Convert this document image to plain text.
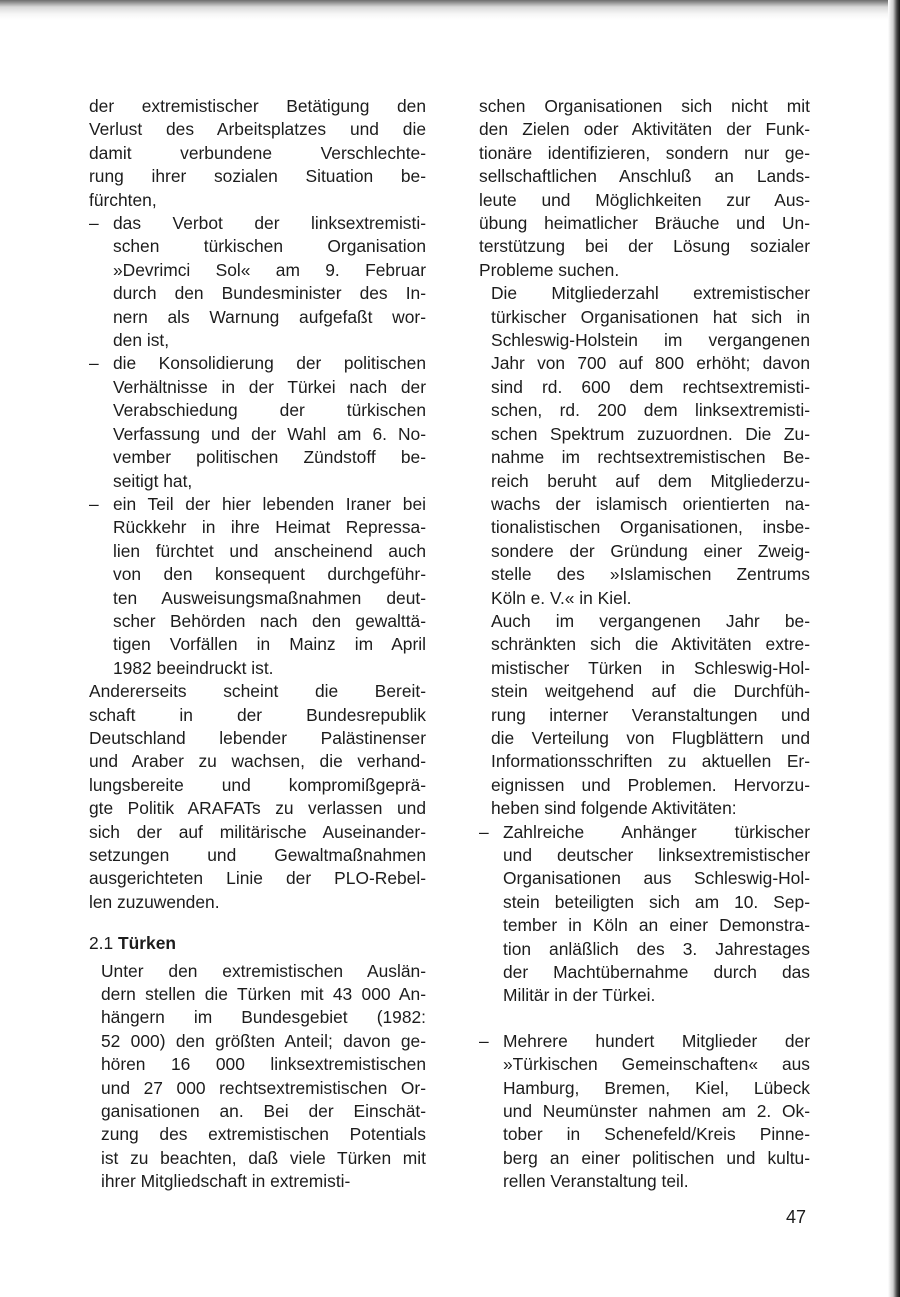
der extremistischer Betätigung den
Verlust des Arbeitsplatzes und die
damit verbundene Verschlechte-
rung ihrer sozialen Situation be-
fürchten,

– das Verbot der linksextremisti-
schen türkischen Organisation
»Devrimci Sol« am 9. Februar
durch den Bundesminister des In-
nern als Warnung aufgefaßt wor-
den ist,

– die Konsolidierung der politischen
Verhältnisse in der Türkei nach der
Verabschiedung der türkischen
Verfassung und der Wahl am 6. No-
vember politischen Zündstoff be-
seitigt hat,

– ein Teil der hier lebenden Iraner bei
Rückkehr in ihre Heimat Repressa-
lien fürchtet und anscheinend auch
von den konsequent durchgeführ-
ten Ausweisungsmaßnahmen deut-
scher Behörden nach den gewalttä-
tigen Vorfällen in Mainz im April
1982 beeindruckt ist.

Andererseits scheint die Bereit-
schaft in der Bundesrepublik
Deutschland lebender Palästinenser
und Araber zu wachsen, die verhand-
lungsbereite und kompromißgeprä-
gte Politik ARAFATs zu verlassen und
sich der auf militärische Auseinander-
setzungen und Gewaltmaßnahmen
ausgerichteten Linie der PLO-Rebel-
len zuzuwenden.

2.1 Türken

Unter den extremistischen Auslän-
dern stellen die Türken mit 43 000 An-
hängern im Bundesgebiet (1982:
52 000) den größten Anteil; davon ge-
hören 16 000 linksextremistischen
und 27 000 rechtsextremistischen Or-
ganisationen an. Bei der Einschät-
zung des extremistischen Potentials
ist zu beachten, daß viele Türken mit
ihrer Mitgliedschaft in extremisti-

schen Organisationen sich nicht mit
den Zielen oder Aktivitäten der Funk-
tionäre identifizieren, sondern nur ge-
sellschaftlichen Anschluß an Lands-
leute und Möglichkeiten zur Aus-
übung heimatlicher Bräuche und Un-
terstützung bei der Lösung sozialer
Probleme suchen.

Die Mitgliederzahl extremistischer
türkischer Organisationen hat sich in
Schleswig-Holstein im vergangenen
Jahr von 700 auf 800 erhöht; davon
sind rd. 600 dem rechtsextremisti-
schen, rd. 200 dem linksextremisti-
schen Spektrum zuzuordnen. Die Zu-
nahme im rechtsextremistischen Be-
reich beruht auf dem Mitgliederzu-
wachs der islamisch orientierten na-
tionalistischen Organisationen, insbe-
sondere der Gründung einer Zweig-
stelle des »Islamischen Zentrums
Köln e. V.« in Kiel.

Auch im vergangenen Jahr be-
schränkten sich die Aktivitäten extre-
mistischer Türken in Schleswig-Hol-
stein weitgehend auf die Durchfüh-
rung interner Veranstaltungen und
die Verteilung von Flugblättern und
Informationsschriften zu aktuellen Er-
eignissen und Problemen. Hervorzu-
heben sind folgende Aktivitäten:

– Zahlreiche Anhänger türkischer
und deutscher linksextremistischer
Organisationen aus Schleswig-Hol-
stein beteiligten sich am 10. Sep-
tember in Köln an einer Demonstra-
tion anläßlich des 3. Jahrestages
der Machtübernahme durch das
Militär in der Türkei.

– Mehrere hundert Mitglieder der
»Türkischen Gemeinschaften« aus
Hamburg, Bremen, Kiel, Lübeck
und Neumünster nahmen am 2. Ok-
tober in Schenefeld/Kreis Pinne-
berg an einer politischen und kultu-
rellen Veranstaltung teil.

47
